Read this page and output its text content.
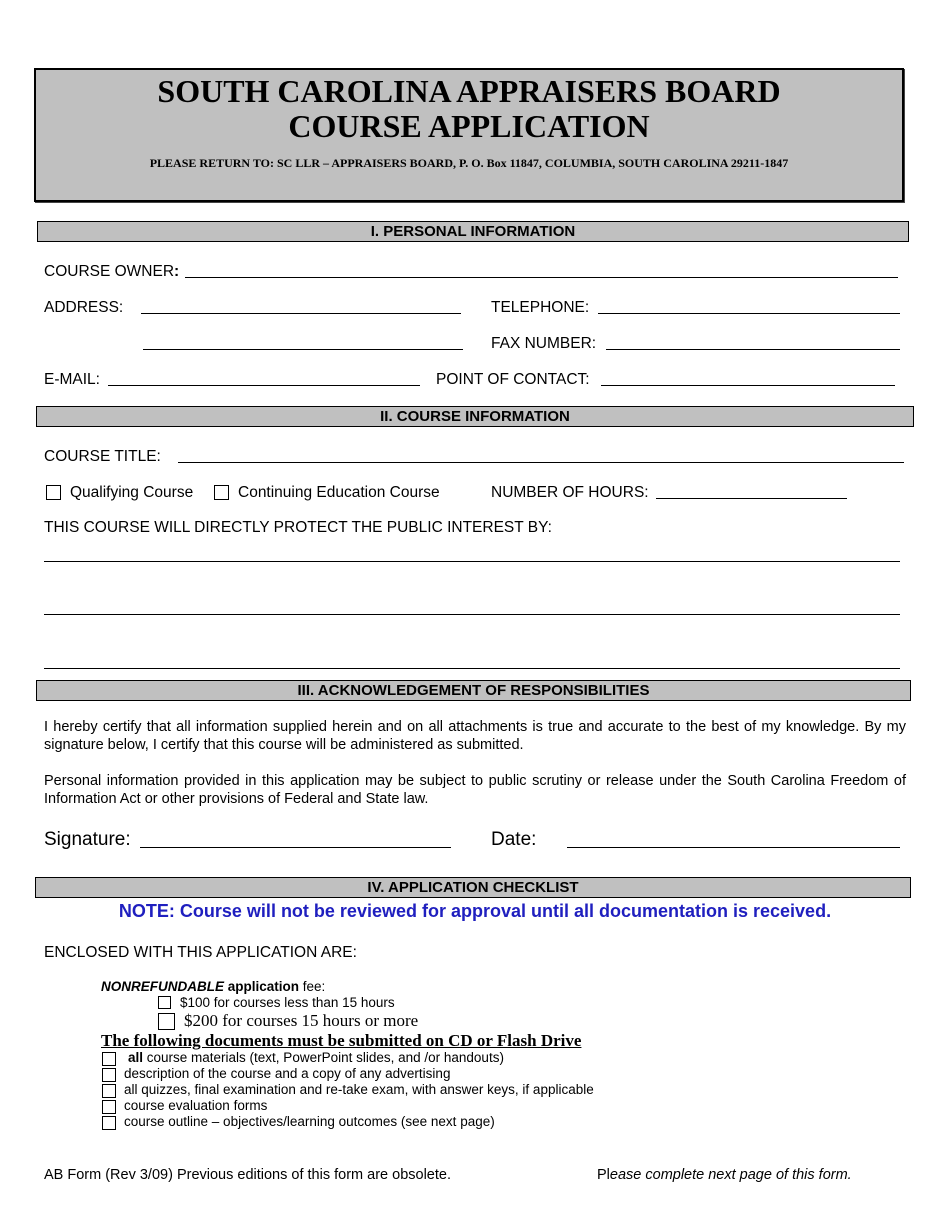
SOUTH CAROLINA APPRAISERS BOARD
COURSE APPLICATION
PLEASE RETURN TO: SC LLR – APPRAISERS BOARD, P. O. Box 11847, COLUMBIA, SOUTH CAROLINA 29211-1847
I. PERSONAL INFORMATION
COURSE OWNER:
ADDRESS:	TELEPHONE:
FAX NUMBER:
E-MAIL:	POINT OF CONTACT:
II. COURSE INFORMATION
COURSE TITLE:
Qualifying Course	Continuing Education Course	NUMBER OF HOURS:
THIS COURSE WILL DIRECTLY PROTECT THE PUBLIC INTEREST BY:
III. ACKNOWLEDGEMENT OF RESPONSIBILITIES
I hereby certify that all information supplied herein and on all attachments is true and accurate to the best of my knowledge. By my signature below, I certify that this course will be administered as submitted.
Personal information provided in this application may be subject to public scrutiny or release under the South Carolina Freedom of Information Act or other provisions of Federal and State law.
Signature:	Date:
IV. APPLICATION CHECKLIST
NOTE: Course will not be reviewed for approval until all documentation is received.
ENCLOSED WITH THIS APPLICATION ARE:
NONREFUNDABLE application fee:
$100 for courses less than 15 hours
$200 for courses 15 hours or more
The following documents must be submitted on CD or Flash Drive
all course materials (text, PowerPoint slides, and /or handouts)
description of the course and a copy of any advertising
all quizzes, final examination and re-take exam, with answer keys, if applicable
course evaluation forms
course outline – objectives/learning outcomes (see next page)
AB Form (Rev 3/09) Previous editions of this form are obsolete.	Please complete next page of this form.
